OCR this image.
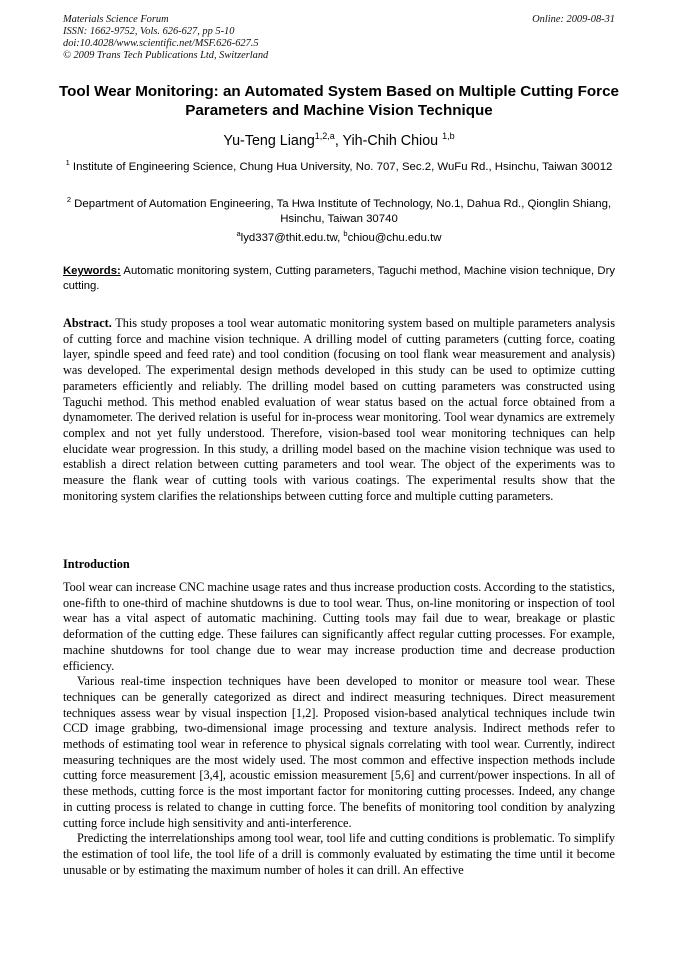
Materials Science Forum
ISSN: 1662-9752, Vols. 626-627, pp 5-10
doi:10.4028/www.scientific.net/MSF.626-627.5
© 2009 Trans Tech Publications Ltd, Switzerland
Online: 2009-08-31
Tool Wear Monitoring: an Automated System Based on Multiple Cutting Force Parameters and Machine Vision Technique
Yu-Teng Liang$^{1,2,a}$, Yih-Chih Chiou $^{1,b}$
$^1$ Institute of Engineering Science, Chung Hua University, No. 707, Sec.2, WuFu Rd., Hsinchu, Taiwan 30012
$^2$ Department of Automation Engineering, Ta Hwa Institute of Technology, No.1, Dahua Rd., Qionglin Shiang, Hsinchu, Taiwan 30740
$^a$lyd337@thit.edu.tw, $^b$chiou@chu.edu.tw
Keywords: Automatic monitoring system, Cutting parameters, Taguchi method, Machine vision technique, Dry cutting.
Abstract. This study proposes a tool wear automatic monitoring system based on multiple parameters analysis of cutting force and machine vision technique. A drilling model of cutting parameters (cutting force, coating layer, spindle speed and feed rate) and tool condition (focusing on tool flank wear measurement and analysis) was developed. The experimental design methods developed in this study can be used to optimize cutting parameters efficiently and reliably. The drilling model based on cutting parameters was constructed using Taguchi method. This method enabled evaluation of wear status based on the actual force obtained from a dynamometer. The derived relation is useful for in-process wear monitoring. Tool wear dynamics are extremely complex and not yet fully understood. Therefore, vision-based tool wear monitoring techniques can help elucidate wear progression. In this study, a drilling model based on the machine vision technique was used to establish a direct relation between cutting parameters and tool wear. The object of the experiments was to measure the flank wear of cutting tools with various coatings. The experimental results show that the monitoring system clarifies the relationships between cutting force and multiple cutting parameters.
Introduction

Tool wear can increase CNC machine usage rates and thus increase production costs. According to the statistics, one-fifth to one-third of machine shutdowns is due to tool wear. Thus, on-line monitoring or inspection of tool wear has a vital aspect of automatic machining. Cutting tools may fail due to wear, breakage or plastic deformation of the cutting edge. These failures can significantly affect regular cutting processes. For example, machine shutdowns for tool change due to wear may increase production time and decrease production efficiency.

Various real-time inspection techniques have been developed to monitor or measure tool wear. These techniques can be generally categorized as direct and indirect measuring techniques. Direct measurement techniques assess wear by visual inspection [1,2]. Proposed vision-based analytical techniques include twin CCD image grabbing, two-dimensional image processing and texture analysis. Indirect methods refer to methods of estimating tool wear in reference to physical signals correlating with tool wear. Currently, indirect measuring techniques are the most widely used. The most common and effective inspection methods include cutting force measurement [3,4], acoustic emission measurement [5,6] and current/power inspections. In all of these methods, cutting force is the most important factor for monitoring cutting processes. Indeed, any change in cutting process is related to change in cutting force. The benefits of monitoring tool condition by analyzing cutting force include high sensitivity and anti-interference.

Predicting the interrelationships among tool wear, tool life and cutting conditions is problematic. To simplify the estimation of tool life, the tool life of a drill is commonly evaluated by estimating the time until it become unusable or by estimating the maximum number of holes it can drill. An effective
